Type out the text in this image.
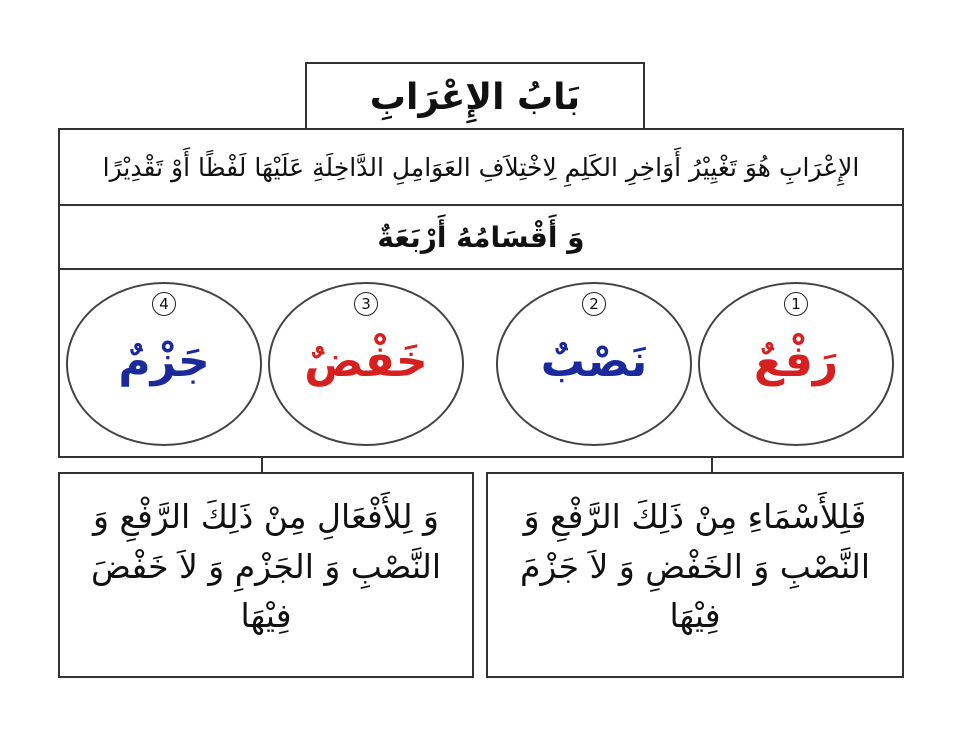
بَابُ الإِعْرَابِ
الإِعْرَابِ هُوَ تَغْيِيْرُ أَوَاخِرِ الكَلِمِ لِاخْتِلاَفِ العَوَامِلِ الدَّاخِلَةِ عَلَيْهَا لَفْظًا أَوْ تَقْدِيْرًا
وَ أَقْسَامُهُ أَرْبَعَةٌ
1
رَفْعٌ
2
نَصْبٌ
3
خَفْضٌ
4
جَزْمٌ
فَلِلأَسْمَاءِ مِنْ ذَلِكَ الرَّفْعِ وَ النَّصْبِ وَ الخَفْضِ وَ لاَ جَزْمَ فِيْهَا
وَ لِلأَفْعَالِ مِنْ ذَلِكَ الرَّفْعِ وَ النَّصْبِ وَ الجَزْمِ وَ لاَ خَفْضَ فِيْهَا
